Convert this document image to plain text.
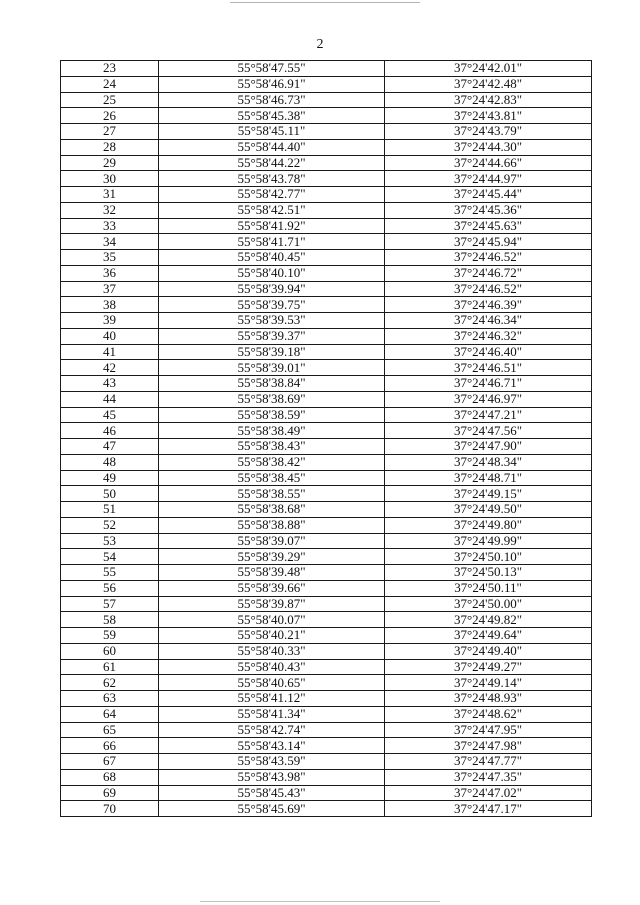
2
23	55°58'47.55"	37°24'42.01"
24	55°58'46.91"	37°24'42.48"
25	55°58'46.73"	37°24'42.83"
26	55°58'45.38"	37°24'43.81"
27	55°58'45.11"	37°24'43.79"
28	55°58'44.40"	37°24'44.30"
29	55°58'44.22"	37°24'44.66"
30	55°58'43.78"	37°24'44.97"
31	55°58'42.77"	37°24'45.44"
32	55°58'42.51"	37°24'45.36"
33	55°58'41.92"	37°24'45.63"
34	55°58'41.71"	37°24'45.94"
35	55°58'40.45"	37°24'46.52"
36	55°58'40.10"	37°24'46.72"
37	55°58'39.94"	37°24'46.52"
38	55°58'39.75"	37°24'46.39"
39	55°58'39.53"	37°24'46.34"
40	55°58'39.37"	37°24'46.32"
41	55°58'39.18"	37°24'46.40"
42	55°58'39.01"	37°24'46.51"
43	55°58'38.84"	37°24'46.71"
44	55°58'38.69"	37°24'46.97"
45	55°58'38.59"	37°24'47.21"
46	55°58'38.49"	37°24'47.56"
47	55°58'38.43"	37°24'47.90"
48	55°58'38.42"	37°24'48.34"
49	55°58'38.45"	37°24'48.71"
50	55°58'38.55"	37°24'49.15"
51	55°58'38.68"	37°24'49.50"
52	55°58'38.88"	37°24'49.80"
53	55°58'39.07"	37°24'49.99"
54	55°58'39.29"	37°24'50.10"
55	55°58'39.48"	37°24'50.13"
56	55°58'39.66"	37°24'50.11"
57	55°58'39.87"	37°24'50.00"
58	55°58'40.07"	37°24'49.82"
59	55°58'40.21"	37°24'49.64"
60	55°58'40.33"	37°24'49.40"
61	55°58'40.43"	37°24'49.27"
62	55°58'40.65"	37°24'49.14"
63	55°58'41.12"	37°24'48.93"
64	55°58'41.34"	37°24'48.62"
65	55°58'42.74"	37°24'47.95"
66	55°58'43.14"	37°24'47.98"
67	55°58'43.59"	37°24'47.77"
68	55°58'43.98"	37°24'47.35"
69	55°58'45.43"	37°24'47.02"
70	55°58'45.69"	37°24'47.17"
